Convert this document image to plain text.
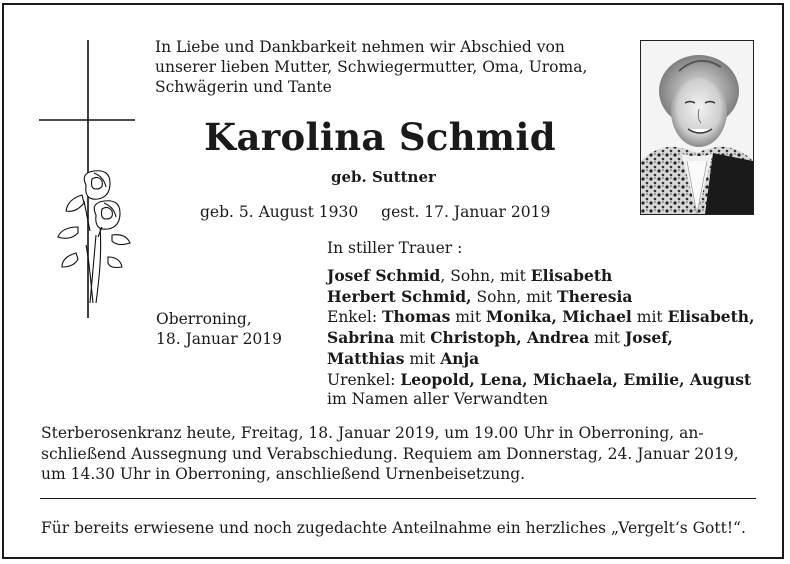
In Liebe und Dankbarkeit nehmen wir Abschied von
unserer lieben Mutter, Schwiegermutter, Oma, Uroma,
Schwägerin und Tante
Karolina Schmid
geb. Suttner
geb. 5. August 1930 gest. 17. Januar 2019
In stiller Trauer :
Josef Schmid, Sohn, mit Elisabeth
Herbert Schmid, Sohn, mit Theresia
Enkel: Thomas mit Monika, Michael mit Elisabeth,
Sabrina mit Christoph, Andrea mit Josef,
Matthias mit Anja
Urenkel: Leopold, Lena, Michaela, Emilie, August
im Namen aller Verwandten
Oberroning,
18. Januar 2019
Sterberosenkranz heute, Freitag, 18. Januar 2019, um 19.00 Uhr in Oberroning, an-
schließend Aussegnung und Verabschiedung. Requiem am Donnerstag, 24. Januar 2019,
um 14.30 Uhr in Oberroning, anschließend Urnenbeisetzung.
Für bereits erwiesene und noch zugedachte Anteilnahme ein herzliches „Vergelt‘s Gott!“.
